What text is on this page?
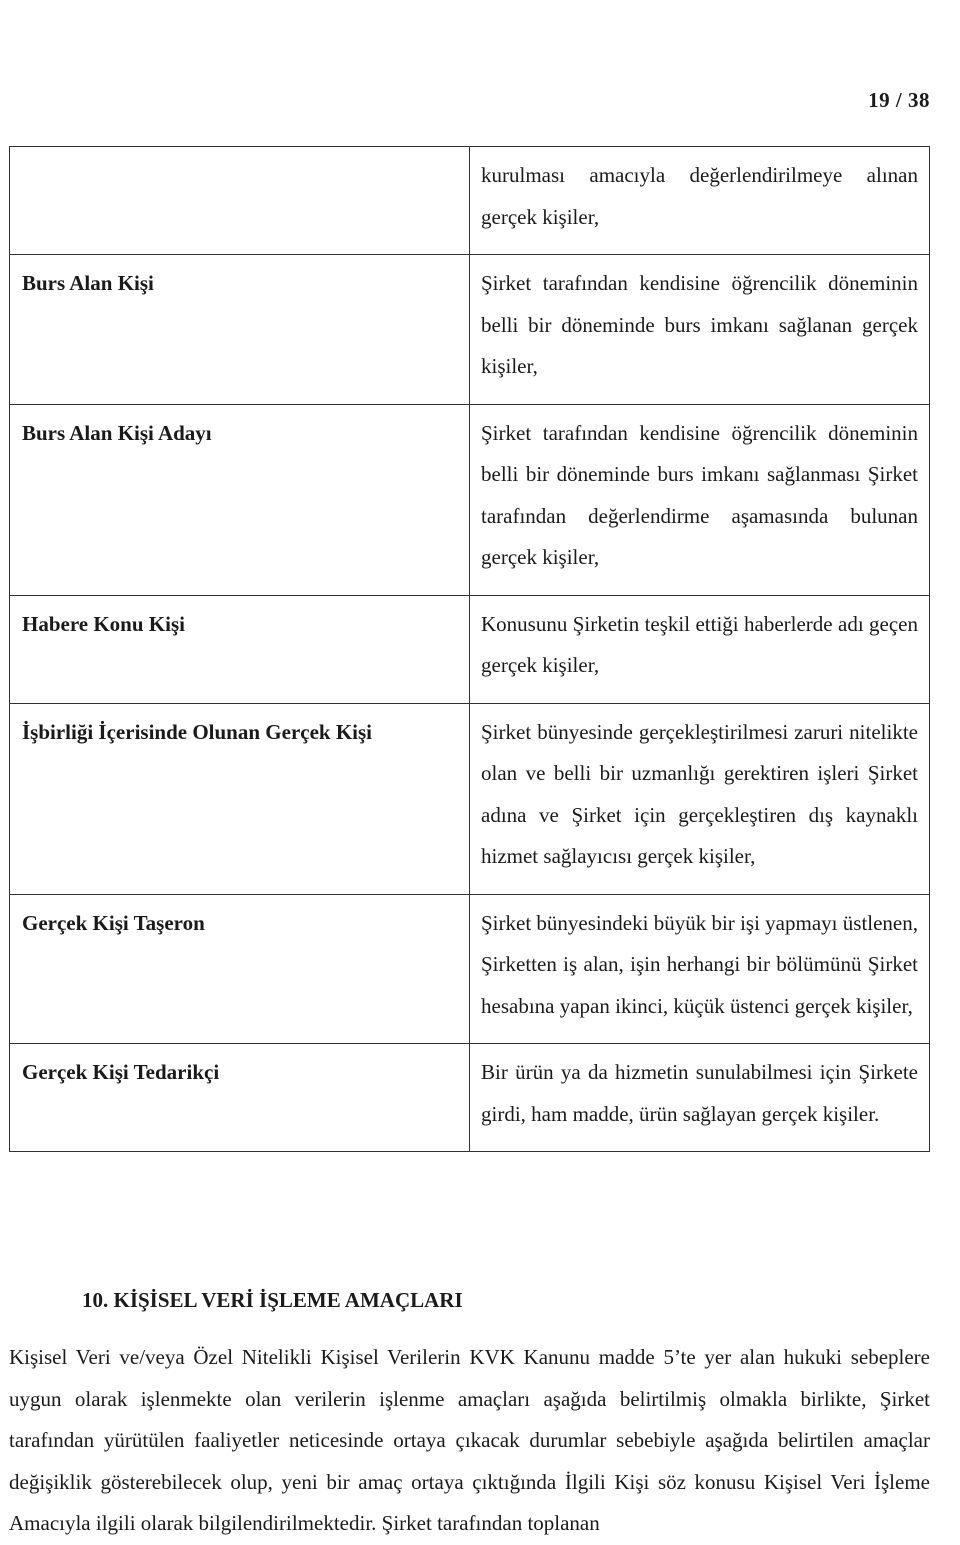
19 / 38
	kurulması amacıyla değerlendirilmeye alınan gerçek kişiler,
Burs Alan Kişi	Şirket tarafından kendisine öğrencilik döneminin belli bir döneminde burs imkanı sağlanan gerçek kişiler,
Burs Alan Kişi Adayı	Şirket tarafından kendisine öğrencilik döneminin belli bir döneminde burs imkanı sağlanması Şirket tarafından değerlendirme aşamasında bulunan gerçek kişiler,
Habere Konu Kişi	Konusunu Şirketin teşkil ettiği haberlerde adı geçen gerçek kişiler,
İşbirliği İçerisinde Olunan Gerçek Kişi	Şirket bünyesinde gerçekleştirilmesi zaruri nitelikte olan ve belli bir uzmanlığı gerektiren işleri Şirket adına ve Şirket için gerçekleştiren dış kaynaklı hizmet sağlayıcısı gerçek kişiler,
Gerçek Kişi Taşeron	Şirket bünyesindeki büyük bir işi yapmayı üstlenen, Şirketten iş alan, işin herhangi bir bölümünü Şirket hesabına yapan ikinci, küçük üstenci gerçek kişiler,
Gerçek Kişi Tedarikçi	Bir ürün ya da hizmetin sunulabilmesi için Şirkete girdi, ham madde, ürün sağlayan gerçek kişiler.
10. KİŞİSEL VERİ İŞLEME AMAÇLARI

Kişisel Veri ve/veya Özel Nitelikli Kişisel Verilerin KVK Kanunu madde 5’te yer alan hukuki sebeplere uygun olarak işlenmekte olan verilerin işlenme amaçları aşağıda belirtilmiş olmakla birlikte, Şirket tarafından yürütülen faaliyetler neticesinde ortaya çıkacak durumlar sebebiyle aşağıda belirtilen amaçlar değişiklik gösterebilecek olup, yeni bir amaç ortaya çıktığında İlgili Kişi söz konusu Kişisel Veri İşleme Amacıyla ilgili olarak bilgilendirilmektedir. Şirket tarafından toplanan
